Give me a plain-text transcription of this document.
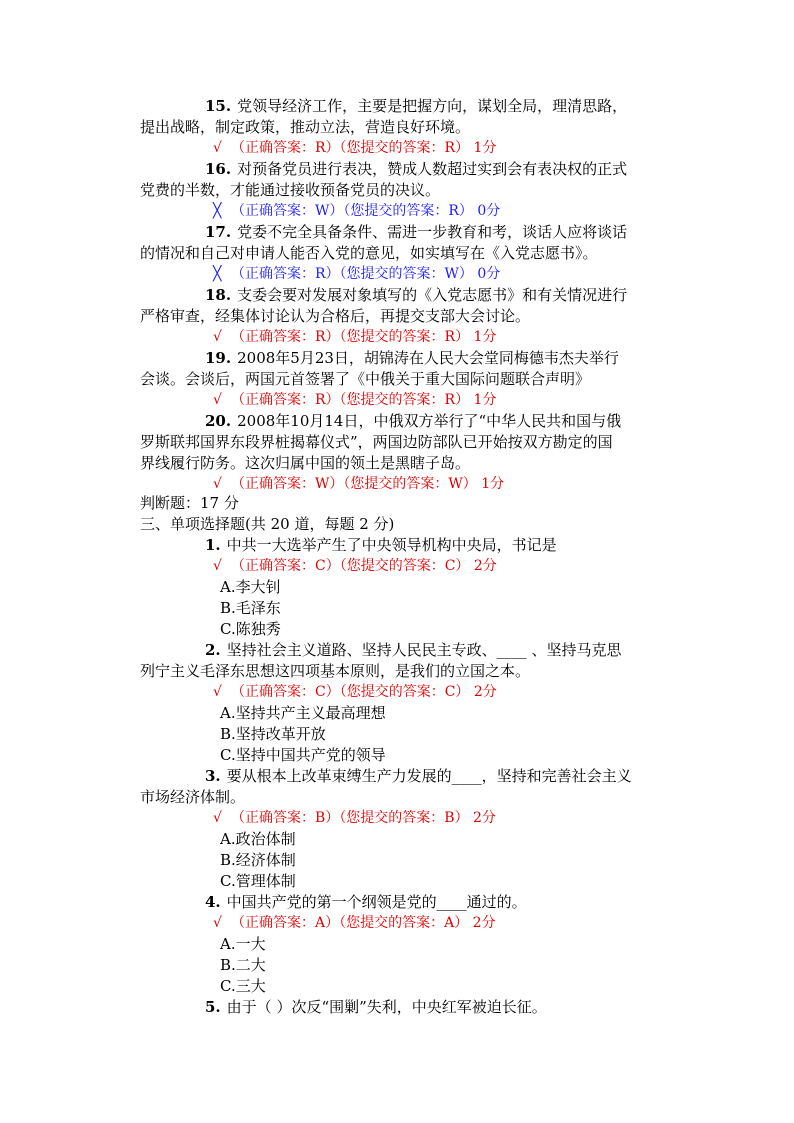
15. 党领导经济工作，主要是把握方向，谋划全局，理清思路，
提出战略，制定政策，推动立法，营造良好环境。
√ （正确答案：R）（您提交的答案：R） 1分
16. 对预备党员进行表决，赞成人数超过实到会有表决权的正式
党费的半数，才能通过接收预备党员的决议。
╳ （正确答案：W）（您提交的答案：R） 0分
17. 党委不完全具备条件、需进一步教育和考，谈话人应将谈话
的情况和自己对申请人能否入党的意见，如实填写在《入党志愿书》。
╳ （正确答案：R）（您提交的答案：W） 0分
18. 支委会要对发展对象填写的《入党志愿书》和有关情况进行
严格审查，经集体讨论认为合格后，再提交支部大会讨论。
√ （正确答案：R）（您提交的答案：R） 1分
19. 2008年5月23日，胡锦涛在人民大会堂同梅德韦杰夫举行
会谈。会谈后，两国元首签署了《中俄关于重大国际问题联合声明》
√ （正确答案：R）（您提交的答案：R） 1分
20. 2008年10月14日，中俄双方举行了“中华人民共和国与俄
罗斯联邦国界东段界桩揭幕仪式”，两国边防部队已开始按双方勘定的国
界线履行防务。这次归属中国的领土是黑瞎子岛。
√ （正确答案：W）（您提交的答案：W） 1分
判断题：17 分
三、单项选择题(共 20 道，每题 2 分)
1. 中共一大选举产生了中央领导机构中央局，书记是
√ （正确答案：C）（您提交的答案：C） 2分
A.李大钊
B.毛泽东
C.陈独秀
2. 坚持社会主义道路、坚持人民民主专政、____ 、坚持马克思
列宁主义毛泽东思想这四项基本原则，是我们的立国之本。
√ （正确答案：C）（您提交的答案：C） 2分
A.坚持共产主义最高理想
B.坚持改革开放
C.坚持中国共产党的领导
3. 要从根本上改革束缚生产力发展的____，坚持和完善社会主义
市场经济体制。
√ （正确答案：B）（您提交的答案：B） 2分
A.政治体制
B.经济体制
C.管理体制
4. 中国共产党的第一个纲领是党的____通过的。
√ （正确答案：A）（您提交的答案：A） 2分
A.一大
B.二大
C.三大
5. 由于（ ）次反“围剿”失利，中央红军被迫长征。
